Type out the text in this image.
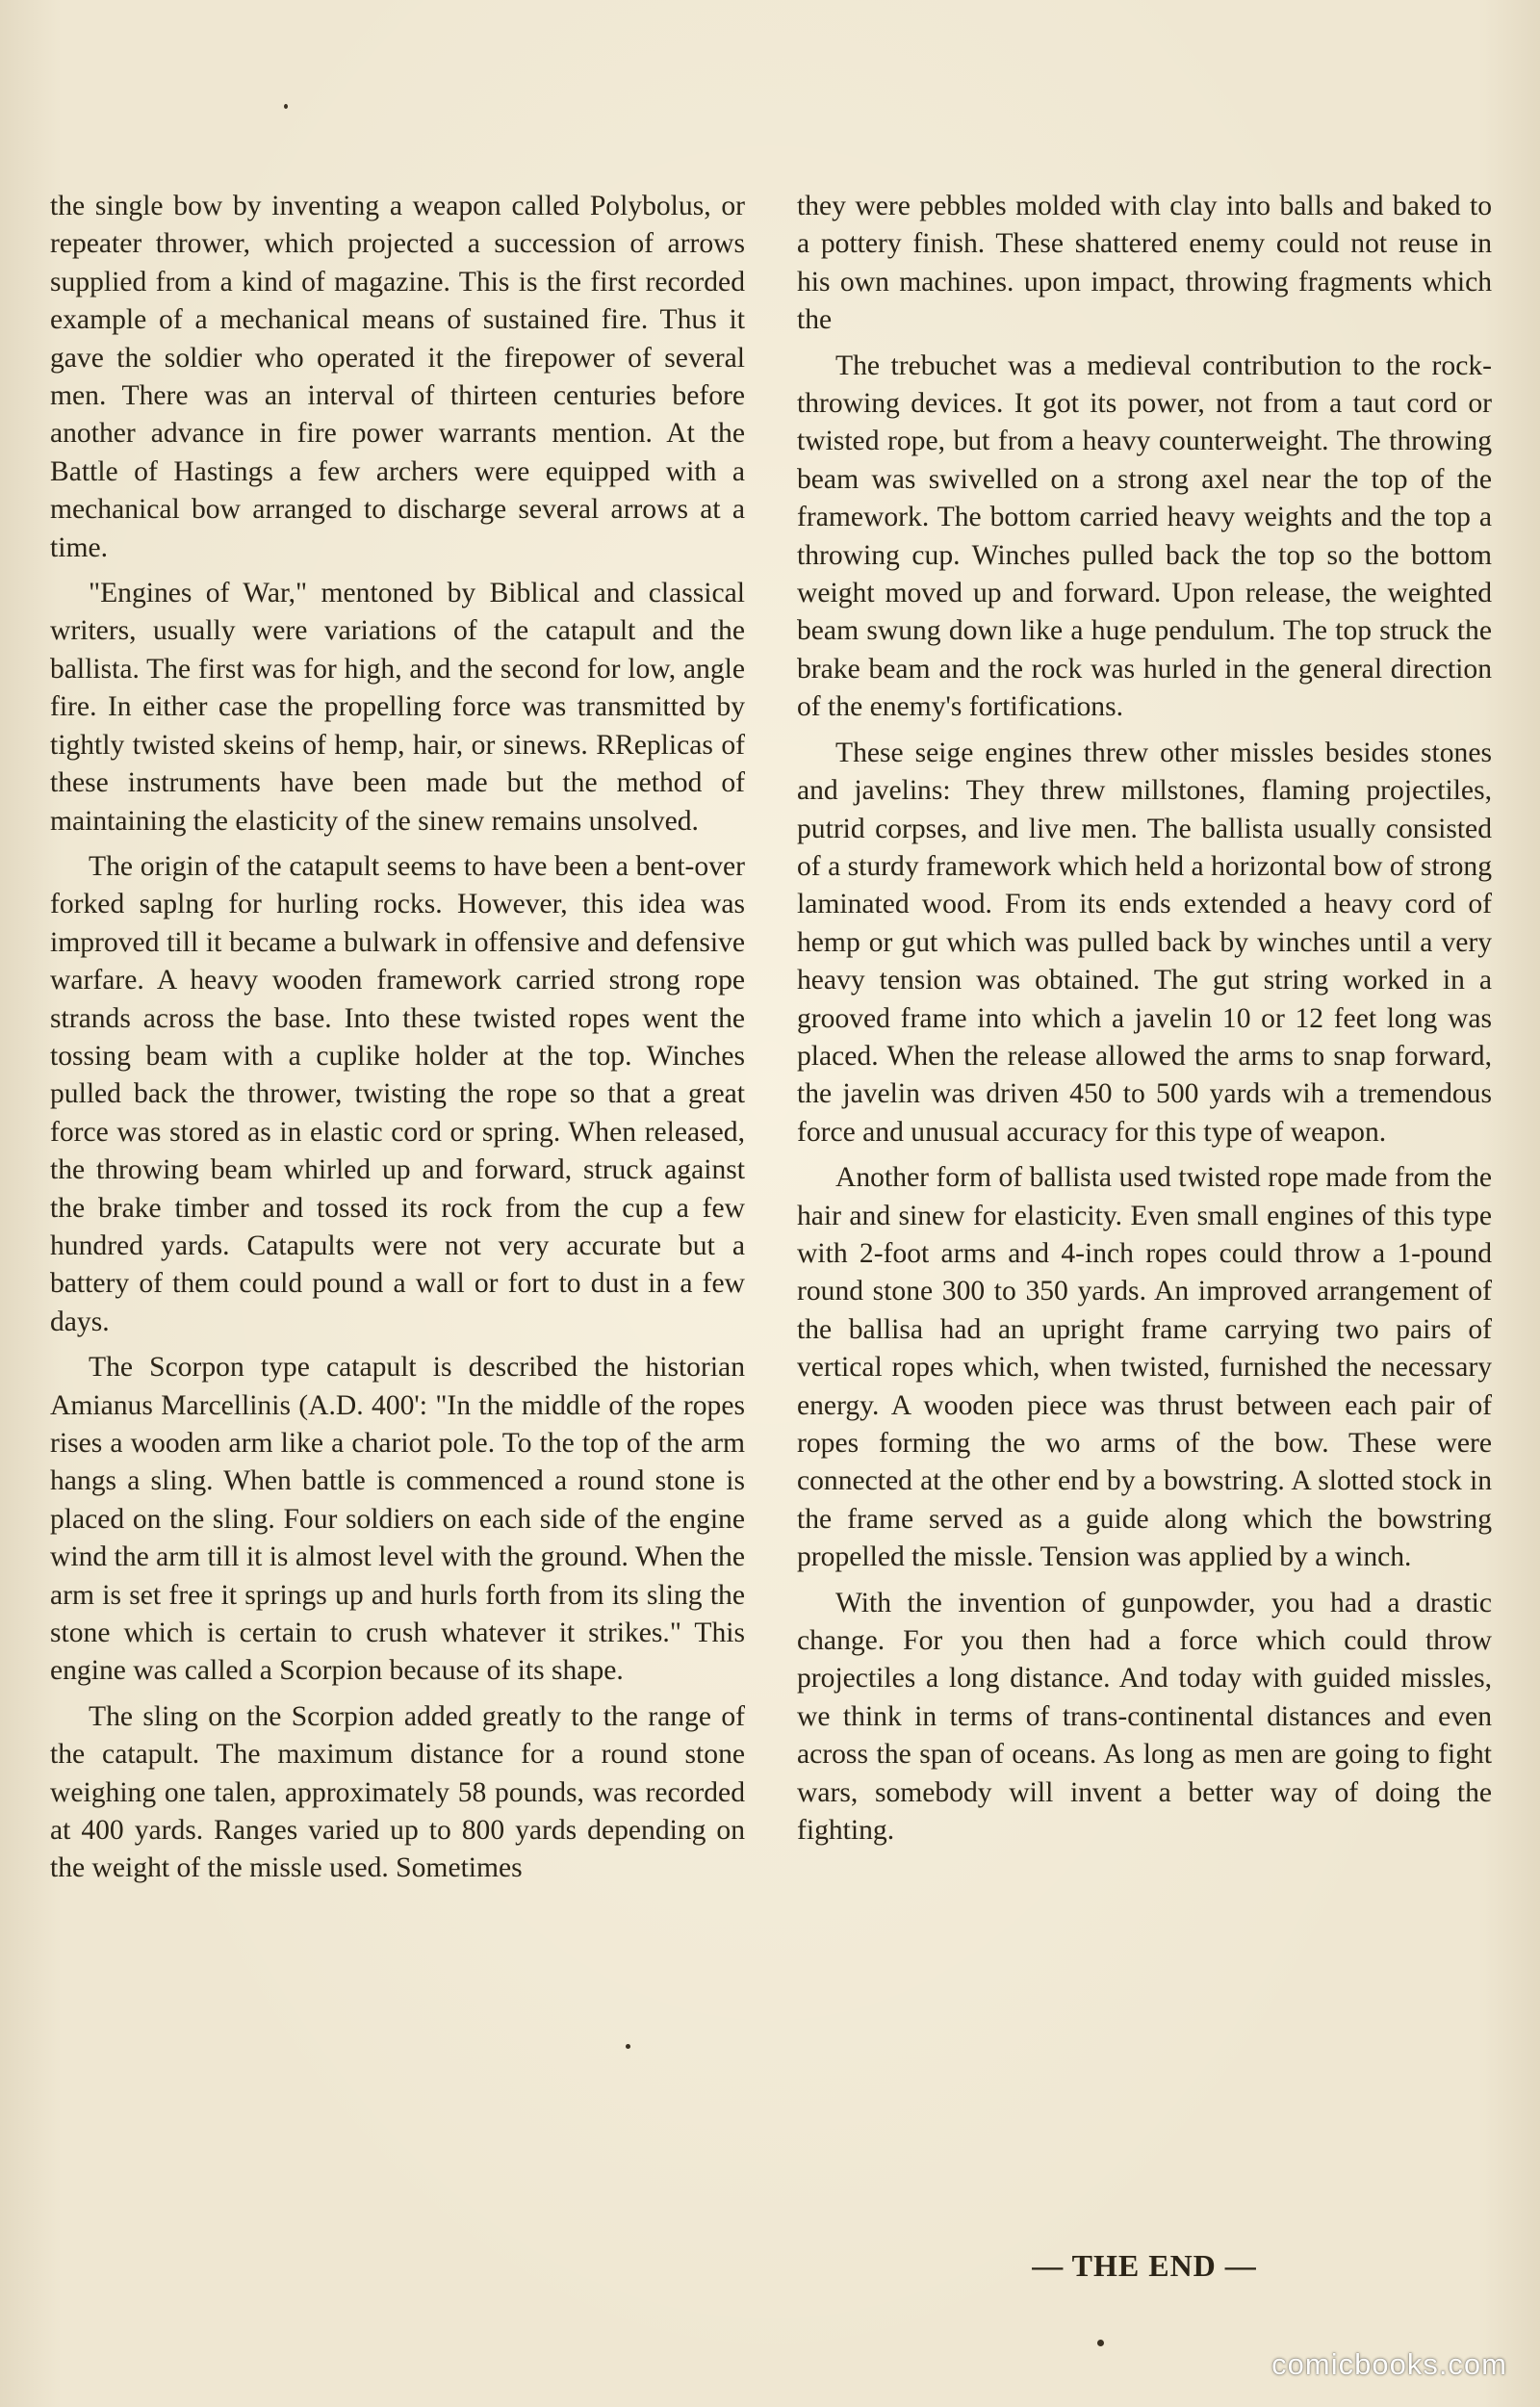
the single bow by inventing a weapon called Polybolus, or repeater thrower, which projected a succession of arrows supplied from a kind of magazine. This is the first recorded example of a mechanical means of sustained fire. Thus it gave the soldier who operated it the firepower of several men. There was an interval of thirteen centuries before another advance in fire power warrants mention. At the Battle of Hastings a few archers were equipped with a mechanical bow arranged to discharge several arrows at a time.

"Engines of War," mentoned by Biblical and classical writers, usually were variations of the catapult and the ballista. The first was for high, and the second for low, angle fire. In either case the propelling force was transmitted by tightly twisted skeins of hemp, hair, or sinews. RReplicas of these instruments have been made but the method of maintaining the elasticity of the sinew remains unsolved.

The origin of the catapult seems to have been a bent-over forked saplng for hurling rocks. However, this idea was improved till it became a bulwark in offensive and defensive warfare. A heavy wooden framework carried strong rope strands across the base. Into these twisted ropes went the tossing beam with a cuplike holder at the top. Winches pulled back the thrower, twisting the rope so that a great force was stored as in elastic cord or spring. When released, the throwing beam whirled up and forward, struck against the brake timber and tossed its rock from the cup a few hundred yards. Catapults were not very accurate but a battery of them could pound a wall or fort to dust in a few days.

The Scorpon type catapult is described the historian Amianus Marcellinis (A.D. 400': "In the middle of the ropes rises a wooden arm like a chariot pole. To the top of the arm hangs a sling. When battle is commenced a round stone is placed on the sling. Four soldiers on each side of the engine wind the arm till it is almost level with the ground. When the arm is set free it springs up and hurls forth from its sling the stone which is certain to crush whatever it strikes." This engine was called a Scorpion because of its shape.

The sling on the Scorpion added greatly to the range of the catapult. The maximum distance for a round stone weighing one talen, approximately 58 pounds, was recorded at 400 yards. Ranges varied up to 800 yards depending on the weight of the missle used. Sometimes

they were pebbles molded with clay into balls and baked to a pottery finish. These shattered enemy could not reuse in his own machines. upon impact, throwing fragments which the

The trebuchet was a medieval contribution to the rock-throwing devices. It got its power, not from a taut cord or twisted rope, but from a heavy counterweight. The throwing beam was swivelled on a strong axel near the top of the framework. The bottom carried heavy weights and the top a throwing cup. Winches pulled back the top so the bottom weight moved up and forward. Upon release, the weighted beam swung down like a huge pendulum. The top struck the brake beam and the rock was hurled in the general direction of the enemy's fortifications.

These seige engines threw other missles besides stones and javelins: They threw millstones, flaming projectiles, putrid corpses, and live men. The ballista usually consisted of a sturdy framework which held a horizontal bow of strong laminated wood. From its ends extended a heavy cord of hemp or gut which was pulled back by winches until a very heavy tension was obtained. The gut string worked in a grooved frame into which a javelin 10 or 12 feet long was placed. When the release allowed the arms to snap forward, the javelin was driven 450 to 500 yards wih a tremendous force and unusual accuracy for this type of weapon.

Another form of ballista used twisted rope made from the hair and sinew for elasticity. Even small engines of this type with 2-foot arms and 4-inch ropes could throw a 1-pound round stone 300 to 350 yards. An improved arrangement of the ballisa had an upright frame carrying two pairs of vertical ropes which, when twisted, furnished the necessary energy. A wooden piece was thrust between each pair of ropes forming the wo arms of the bow. These were connected at the other end by a bowstring. A slotted stock in the frame served as a guide along which the bowstring propelled the missle. Tension was applied by a winch.

With the invention of gunpowder, you had a drastic change. For you then had a force which could throw projectiles a long distance. And today with guided missles, we think in terms of trans-continental distances and even across the span of oceans. As long as men are going to fight wars, somebody will invent a better way of doing the fighting.

— THE END —
comicbooks.com
